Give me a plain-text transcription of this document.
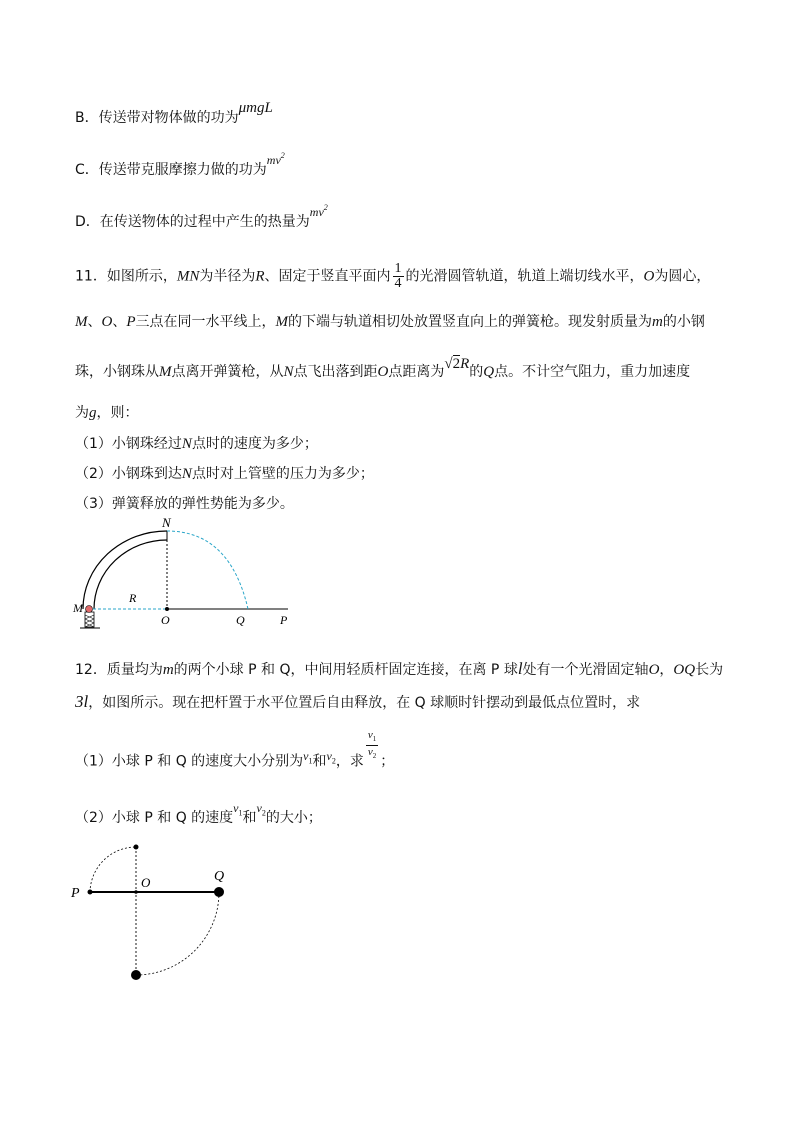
B．传送带对物体做的功为μmgL
C．传送带克服摩擦力做的功为$mv^2$
D．在传送物体的过程中产生的热量为$mv^2$
11．如图所示，MN为半径为R、固定于竖直平面内 $\frac{1}{4}$ 的光滑圆管轨道，轨道上端切线水平，O为圆心，
M、O、P三点在同一水平线上，M的下端与轨道相切处放置竖直向上的弹簧枪。现发射质量为m的小钢
珠，小钢珠从M点离开弹簧枪，从N点飞出落到距O点距离为√2R的Q点。不计空气阻力，重力加速度
为g，则：
（1）小钢珠经过N点时的速度为多少；
（2）小钢珠到达N点时对上管壁的压力为多少；
（3）弹簧释放的弹性势能为多少。
N
R
M
O	Q	P
12．质量均为m的两个小球 P 和 Q，中间用轻质杆固定连接，在离 P 球l处有一个光滑固定轴O，OQ长为
3l，如图所示。现在把杆置于水平位置后自由释放，在 Q 球顺时针摆动到最低点位置时，求
（1）小球 P 和 Q 的速度大小分别为$v_1$和$v_2$，求 $\frac{v_1}{v_2}$ ；
（2）小球 P 和 Q 的速度$v_1$和$v_2$的大小；
P
O	Q
